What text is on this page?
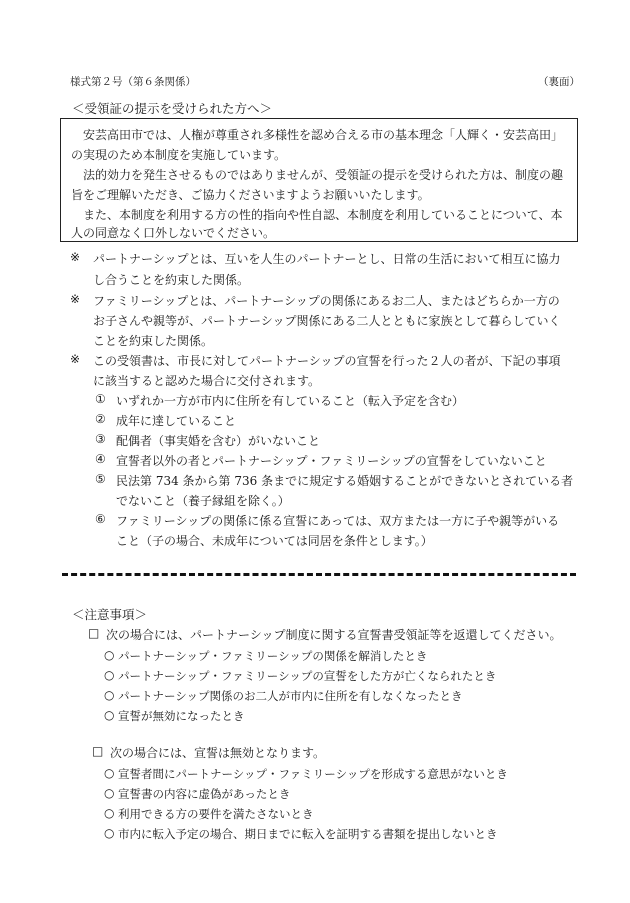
様式第２号（第６条関係）	（裏面）
＜受領証の提示を受けられた方へ＞
　安芸高田市では、人権が尊重され多様性を認め合える市の基本理念「人輝く・安芸高田」
の実現のため本制度を実施しています。
　法的効力を発生させるものではありませんが、受領証の提示を受けられた方は、制度の趣
旨をご理解いただき、ご協力くださいますようお願いいたします。
　また、本制度を利用する方の性的指向や性自認、本制度を利用していることについて、本
人の同意なく口外しないでください。
※ パートナーシップとは、互いを人生のパートナーとし、日常の生活において相互に協力
し合うことを約束した関係。
※ ファミリーシップとは、パートナーシップの関係にあるお二人、またはどちらか一方の
お子さんや親等が、パートナーシップ関係にある二人とともに家族として暮らしていく
ことを約束した関係。
※ この受領書は、市長に対してパートナーシップの宣誓を行った２人の者が、下記の事項
に該当すると認めた場合に交付されます。
① いずれか一方が市内に住所を有していること（転入予定を含む）
② 成年に達していること
③ 配偶者（事実婚を含む）がいないこと
④ 宣誓者以外の者とパートナーシップ・ファミリーシップの宣誓をしていないこと
⑤ 民法第 734 条から第 736 条までに規定する婚姻することができないとされている者
でないこと（養子縁組を除く。）
⑥ ファミリーシップの関係に係る宣誓にあっては、双方または一方に子や親等がいる
こと（子の場合、未成年については同居を条件とします。）
＜注意事項＞
□ 次の場合には、パートナーシップ制度に関する宣誓書受領証等を返還してください。
○ パートナーシップ・ファミリーシップの関係を解消したとき
○ パートナーシップ・ファミリーシップの宣誓をした方が亡くなられたとき
○ パートナーシップ関係のお二人が市内に住所を有しなくなったとき
○ 宣誓が無効になったとき
□ 次の場合には、宣誓は無効となります。
○ 宣誓者間にパートナーシップ・ファミリーシップを形成する意思がないとき
○ 宣誓書の内容に虚偽があったとき
○ 利用できる方の要件を満たさないとき
○ 市内に転入予定の場合、期日までに転入を証明する書類を提出しないとき
